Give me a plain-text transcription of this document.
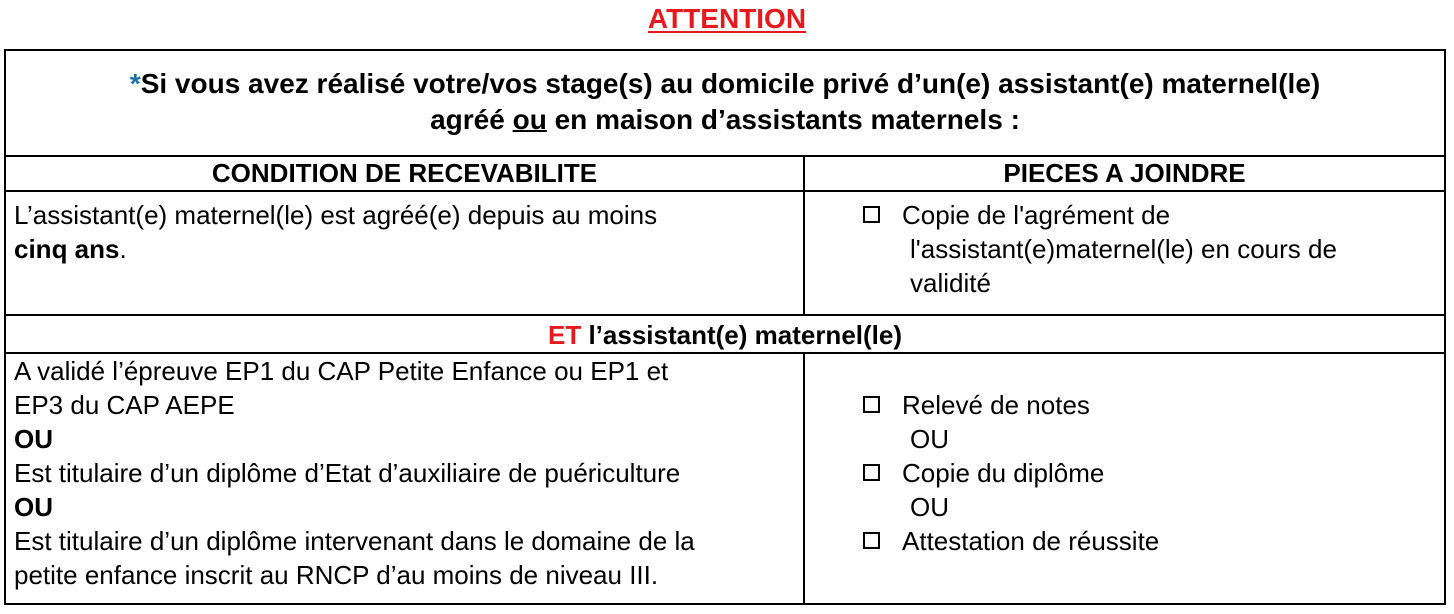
ATTENTION
*Si vous avez réalisé votre/vos stage(s) au domicile privé d’un(e) assistant(e) maternel(le)
agréé ou en maison d’assistants maternels :
CONDITION DE RECEVABILITE	PIECES A JOINDRE
L’assistant(e) maternel(le) est agréé(e) depuis au moins
cinq ans.
Copie de l'agrément de
l'assistant(e)maternel(le) en cours de
validité
ET l’assistant(e) maternel(le)
A validé l’épreuve EP1 du CAP Petite Enfance ou EP1 et
EP3 du CAP AEPE
OU
Est titulaire d’un diplôme d’Etat d’auxiliaire de puériculture
OU
Est titulaire d’un diplôme intervenant dans le domaine de la
petite enfance inscrit au RNCP d’au moins de niveau III.
Relevé de notes
OU
Copie du diplôme
OU
Attestation de réussite
